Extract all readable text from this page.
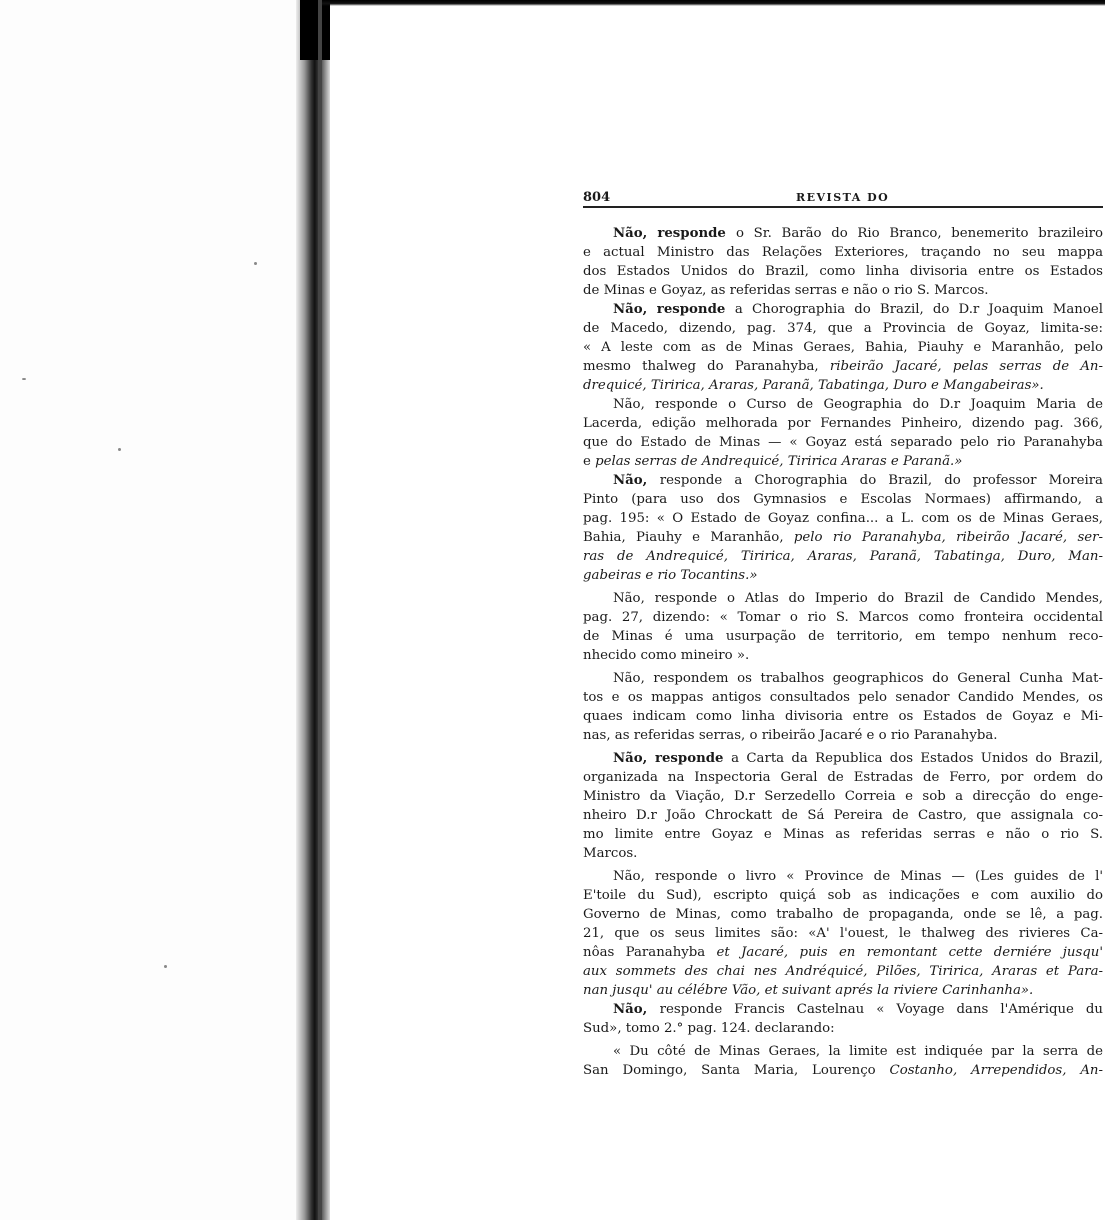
804	REVISTA DO
Não, responde o Sr. Barão do Rio Branco, benemerito brazileiro
e actual Ministro das Relações Exteriores, traçando no seu mappa
dos Estados Unidos do Brazil, como linha divisoria entre os Estados
de Minas e Goyaz, as referidas serras e não o rio S. Marcos.
Não, responde a Chorographia do Brazil, do D.r Joaquim Manoel
de Macedo, dizendo, pag. 374, que a Provincia de Goyaz, limita-se:
« A leste com as de Minas Geraes, Bahia, Piauhy e Maranhão, pelo
mesmo thalweg do Paranahyba, ribeirão Jacaré, pelas serras de An-
drequicé, Tiririca, Araras, Paranã, Tabatinga, Duro e Mangabeiras».
Não, responde o Curso de Geographia do D.r Joaquim Maria de
Lacerda, edição melhorada por Fernandes Pinheiro, dizendo pag. 366,
que do Estado de Minas — « Goyaz está separado pelo rio Paranahyba
e pelas serras de Andrequicé, Tiririca Araras e Paranã.»
Não, responde a Chorographia do Brazil, do professor Moreira
Pinto (para uso dos Gymnasios e Escolas Normaes) affirmando, a
pag. 195: « O Estado de Goyaz confina... a L. com os de Minas Geraes,
Bahia, Piauhy e Maranhão, pelo rio Paranahyba, ribeirão Jacaré, ser-
ras de Andrequicé, Tiririca, Araras, Paranã, Tabatinga, Duro, Man-
gabeiras e rio Tocantins.»
Não, responde o Atlas do Imperio do Brazil de Candido Mendes,
pag. 27, dizendo: « Tomar o rio S. Marcos como fronteira occidental
de Minas é uma usurpação de territorio, em tempo nenhum reco-
nhecido como mineiro ».
Não, respondem os trabalhos geographicos do General Cunha Mat-
tos e os mappas antigos consultados pelo senador Candido Mendes, os
quaes indicam como linha divisoria entre os Estados de Goyaz e Mi-
nas, as referidas serras, o ribeirão Jacaré e o rio Paranahyba.
Não, responde a Carta da Republica dos Estados Unidos do Brazil,
organizada na Inspectoria Geral de Estradas de Ferro, por ordem do
Ministro da Viação, D.r Serzedello Correia e sob a direcção do enge-
nheiro D.r João Chrockatt de Sá Pereira de Castro, que assignala co-
mo limite entre Goyaz e Minas as referidas serras e não o rio S.
Marcos.
Não, responde o livro « Province de Minas — (Les guides de l'
E'toile du Sud), escripto quiçá sob as indicações e com auxilio do
Governo de Minas, como trabalho de propaganda, onde se lê, a pag.
21, que os seus limites são: «A' l'ouest, le thalweg des rivieres Ca-
nôas Paranahyba et Jacaré, puis en remontant cette derniére jusqu'
aux sommets des chai nes Andréquicé, Pilões, Tiririca, Araras et Para-
nan jusqu' au célébre Vão, et suivant aprés la riviere Carinhanha».
Não, responde Francis Castelnau « Voyage dans l'Amérique du
Sud», tomo 2.° pag. 124. declarando:
« Du côté de Minas Geraes, la limite est indiquée par la serra de
San Domingo, Santa Maria, Lourenço Costanho, Arrependidos, An-
